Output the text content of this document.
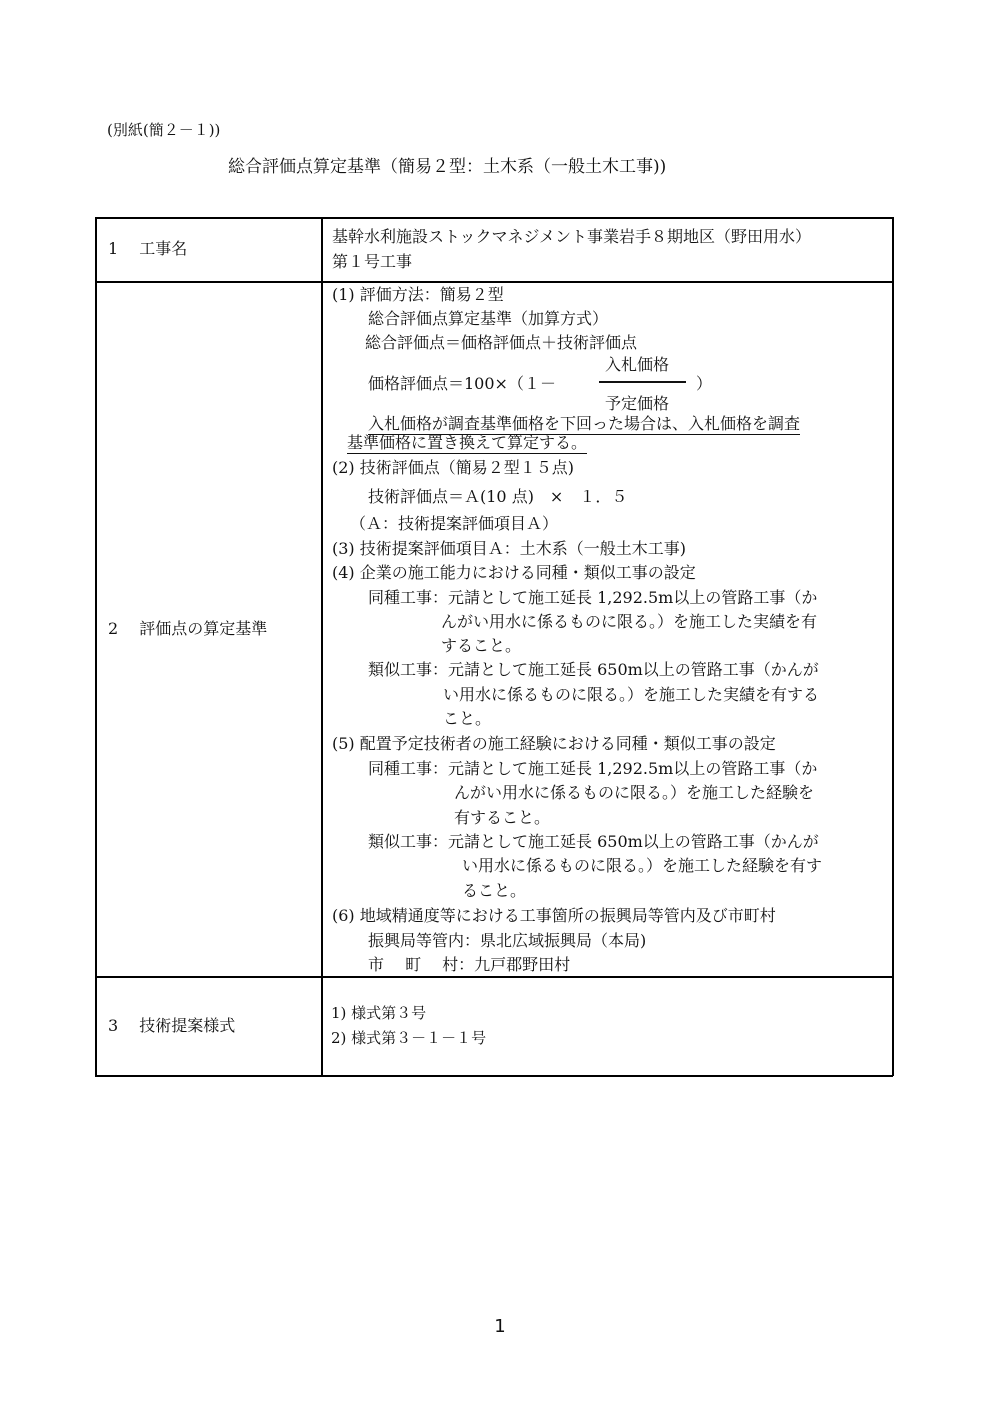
(別紙(簡２－１))
総合評価点算定基準（簡易２型：土木系（一般土木工事))
1　 工事名
基幹水利施設ストックマネジメント事業岩手８期地区（野田用水）
第１号工事
2　 評価点の算定基準
(1) 評価方法：簡易２型
総合評価点算定基準（加算方式）
総合評価点＝価格評価点＋技術評価点
価格評価点＝100×（１－
入札価格
予定価格
）
入札価格が調査基準価格を下回った場合は、入札価格を調査
基準価格に置き換えて算定する。
(2) 技術評価点（簡易２型１５点)
技術評価点＝Ａ(10 点)　×　１．５
（Ａ：技術提案評価項目Ａ）
(3) 技術提案評価項目Ａ：土木系（一般土木工事)
(4) 企業の施工能力における同種・類似工事の設定
同種工事：元請として施工延長 1,292.5m以上の管路工事（か
んがい用水に係るものに限る。）を施工した実績を有
すること。
類似工事：元請として施工延長 650m以上の管路工事（かんが
い用水に係るものに限る。）を施工した実績を有する
こと。
(5) 配置予定技術者の施工経験における同種・類似工事の設定
同種工事：元請として施工延長 1,292.5m以上の管路工事（か
んがい用水に係るものに限る。）を施工した経験を
有すること。
類似工事：元請として施工延長 650m以上の管路工事（かんが
い用水に係るものに限る。）を施工した経験を有す
ること。
(6) 地域精通度等における工事箇所の振興局等管内及び市町村
振興局等管内：県北広域振興局（本局)
市　 町　 村：九戸郡野田村
3　 技術提案様式
1) 様式第３号
2) 様式第３－１－１号
1
